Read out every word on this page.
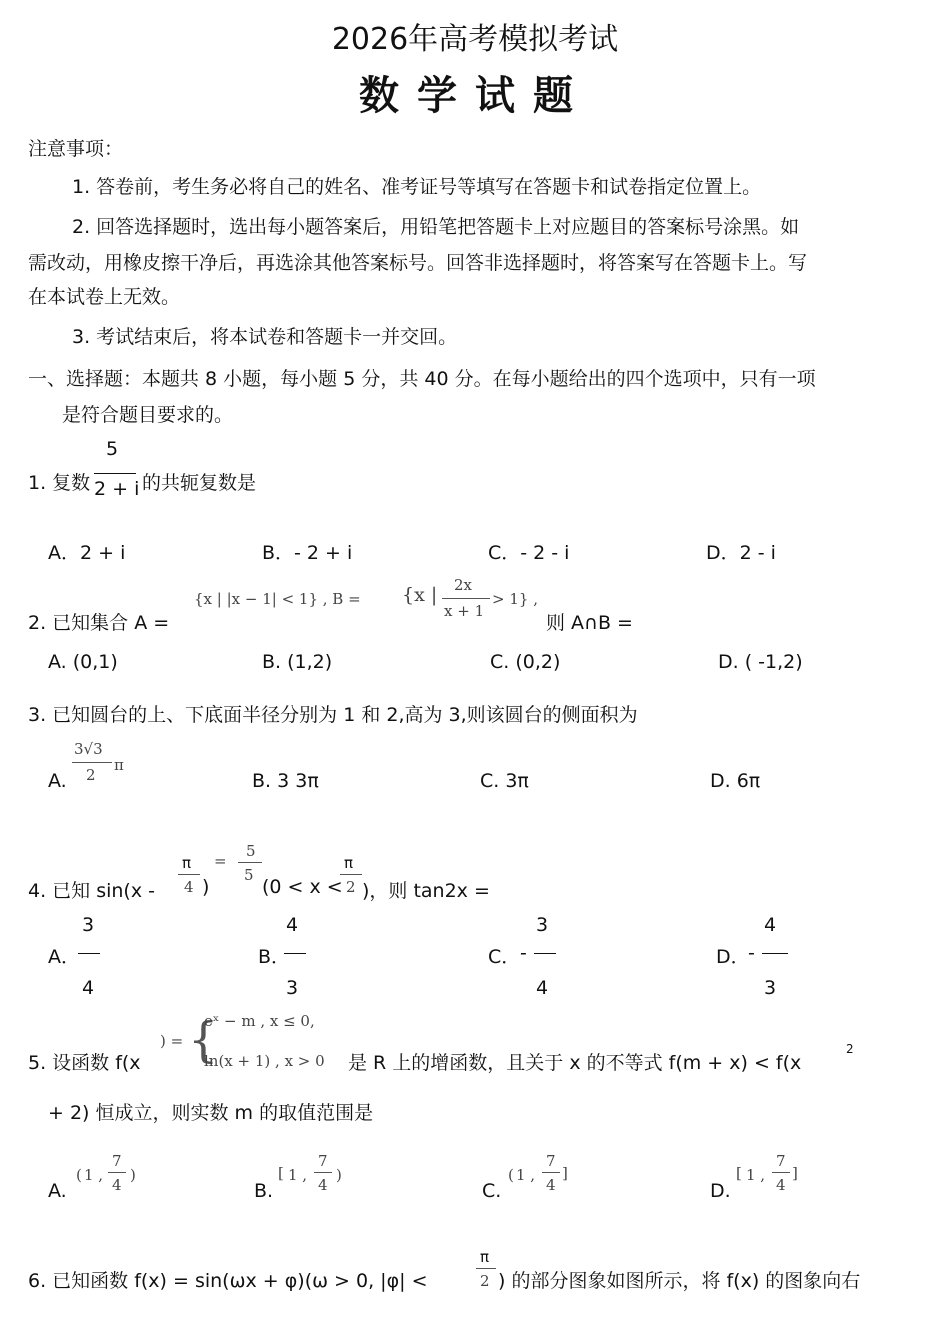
2026年高考模拟考试
数学试题
注意事项：
1. 答卷前，考生务必将自己的姓名、准考证号等填写在答题卡和试卷指定位置上。
2. 回答选择题时，选出每小题答案后，用铅笔把答题卡上对应题目的答案标号涂黑。如
需改动，用橡皮擦干净后，再选涂其他答案标号。回答非选择题时，将答案写在答题卡上。写
在本试卷上无效。
3. 考试结束后，将本试卷和答题卡一并交回。
一、选择题：本题共 8 小题，每小题 5 分，共 40 分。在每小题给出的四个选项中，只有一项
是符合题目要求的。
1. 复数
5
2 + i 的共轭复数是
A．2 + i	B．- 2 + i	C．- 2 - i	D．2 - i
2. 已知集合 A =
{x | |x − 1| < 1} , B = {x | 2x
x + 1
> 1} ,
则 A∩B =
A. (0,1)	B. (1,2)	C. (0,2)	D. ( -1,2)
3. 已知圆台的上、下底面半径分别为 1 和 2,高为 3,则该圆台的侧面积为
A.
3√3
2
π
B. 3 3π	C. 3π	D. 6π
4. 已知 sin(x -
π
4 )
=
5
5
(0 < x <
π
2 )，则 tan2x =
3
A．
4
4
B．
3
3
C． -
4
4
D．
-
3
5. 设函数 f(x
) = {
eˣ − m , x ≤ 0,
ln(x + 1) , x > 0 是 R 上的增函数，且关于 x 的不等式 f(m + x) < f(x
2
+ 2) 恒成立，则实数 m 的取值范围是
A.
( 1 ,
7
4
)
B.
[ 1 ,
7
4
)
C.
( 1 ,
7
4
]
D.
[ 1 ,
7
4
]
6. 已知函数 f(x) = sin(ωx + φ)(ω > 0, |φ| <
π
2 ) 的部分图象如图所示，将 f(x) 的图象向右
